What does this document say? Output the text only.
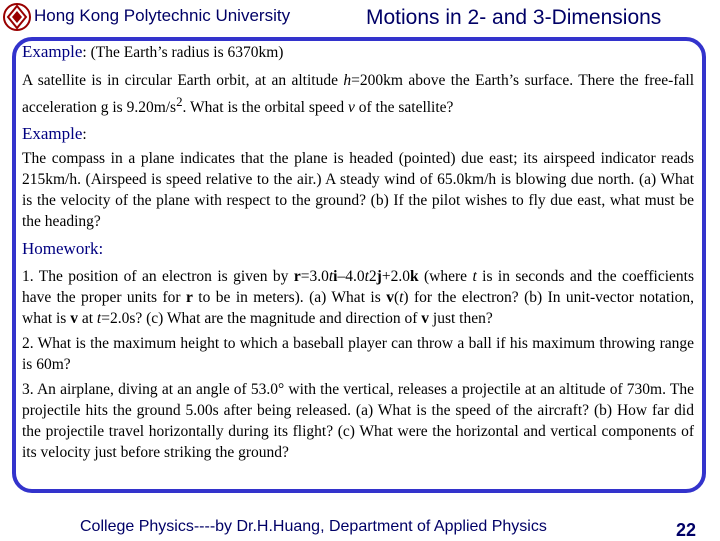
Hong Kong Polytechnic University	Motions in 2- and 3-Dimensions

Example: (The Earth’s radius is 6370km)

A satellite is in circular Earth orbit, at an altitude h=200km above the Earth’s surface. There the free-fall acceleration g is $9.20m/s^2$. What is the orbital speed v of the satellite?

Example:

The compass in a plane indicates that the plane is headed (pointed) due east; its airspeed indicator reads 215km/h. (Airspeed is speed relative to the air.) A steady wind of 65.0km/h is blowing due north. (a) What is the velocity of the plane with respect to the ground? (b) If the pilot wishes to fly due east, what must be the heading?

Homework:

1. The position of an electron is given by r=3.0ti–4.0t2j+2.0k (where t is in seconds and the coefficients have the proper units for r to be in meters). (a) What is v(t) for the electron? (b) In unit-vector notation, what is v at t=2.0s? (c) What are the magnitude and direction of v just then?

2. What is the maximum height to which a baseball player can throw a ball if his maximum throwing range is 60m?

3. An airplane, diving at an angle of 53.0° with the vertical, releases a projectile at an altitude of 730m. The projectile hits the ground 5.00s after being released. (a) What is the speed of the aircraft? (b) How far did the projectile travel horizontally during its flight? (c) What were the horizontal and vertical components of its velocity just before striking the ground?

College Physics----by Dr.H.Huang, Department of Applied Physics	22
